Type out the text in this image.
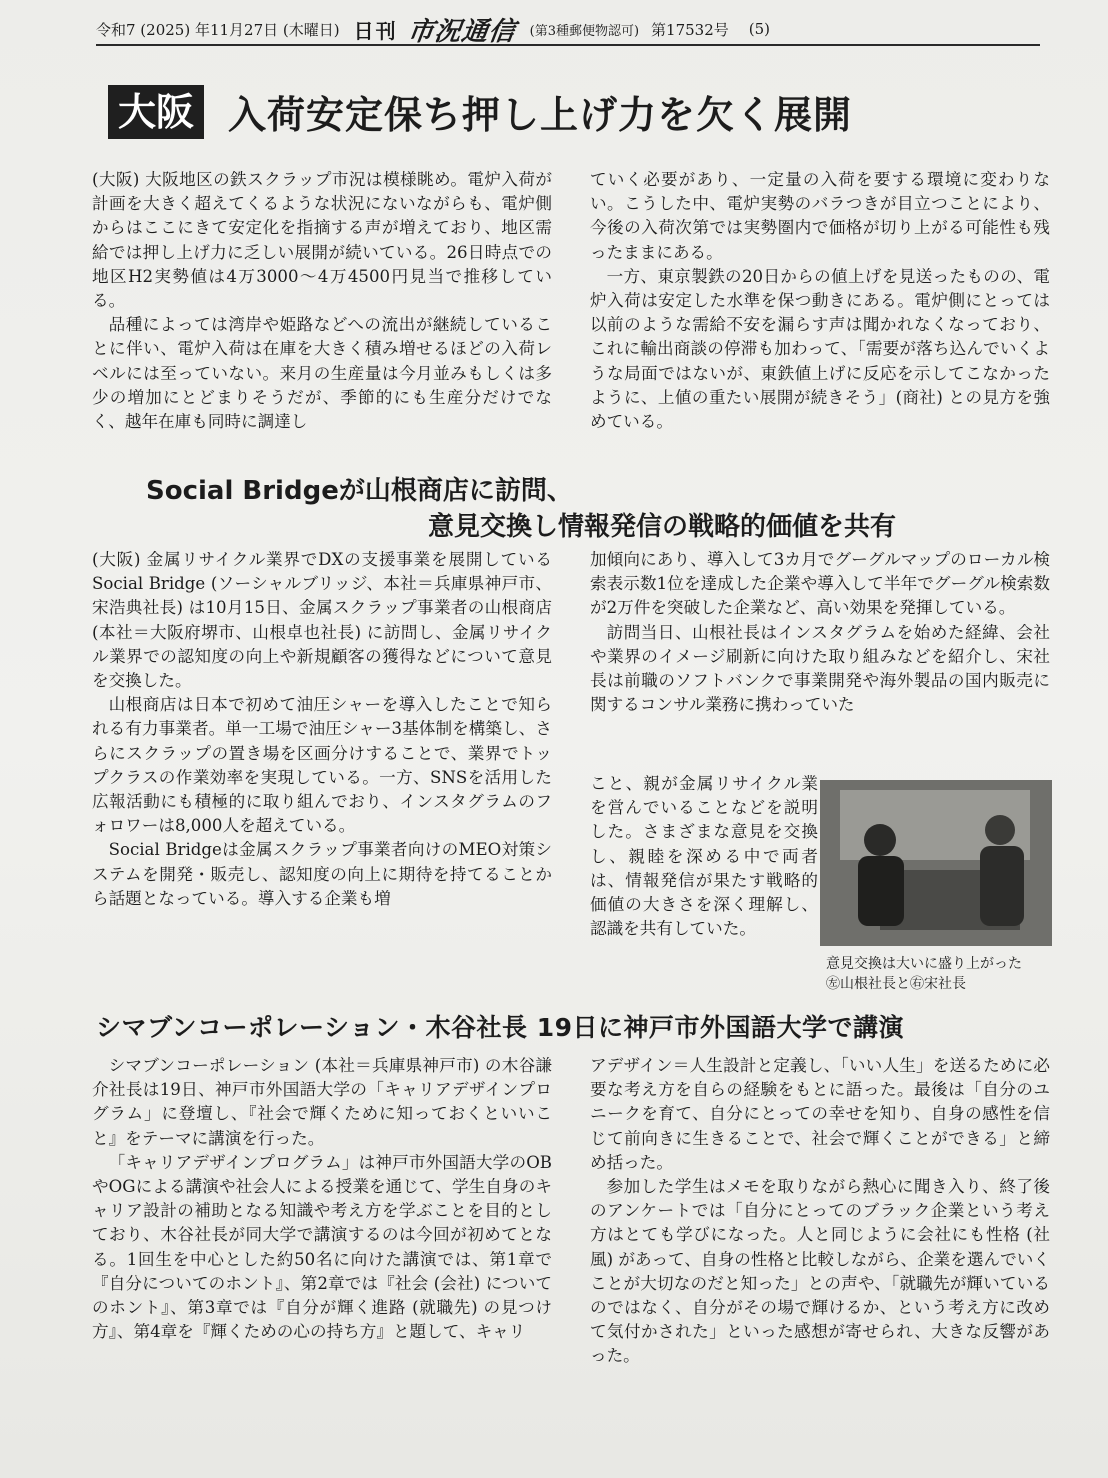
令和7 (2025) 年11月27日 (木曜日) 日刊 市況通信 (第3種郵便物認可) 第17532号 (5)
大阪 入荷安定保ち押し上げ力を欠く展開

(大阪) 大阪地区の鉄スクラップ市況は模様眺め。電炉入荷が計画を大きく超えてくるような状況にないながらも、電炉側からはここにきて安定化を指摘する声が増えており、地区需給では押し上げ力に乏しい展開が続いている。26日時点での地区H2実勢値は4万3000～4万4500円見当で推移している。

品種によっては湾岸や姫路などへの流出が継続していることに伴い、電炉入荷は在庫を大きく積み増せるほどの入荷レベルには至っていない。来月の生産量は今月並みもしくは多少の増加にとどまりそうだが、季節的にも生産分だけでなく、越年在庫も同時に調達し

ていく必要があり、一定量の入荷を要する環境に変わりない。こうした中、電炉実勢のバラつきが目立つことにより、今後の入荷次第では実勢圏内で価格が切り上がる可能性も残ったままにある。

一方、東京製鉄の20日からの値上げを見送ったものの、電炉入荷は安定した水準を保つ動きにある。電炉側にとっては以前のような需給不安を漏らす声は聞かれなくなっており、これに輸出商談の停滞も加わって、「需要が落ち込んでいくような局面ではないが、東鉄値上げに反応を示してこなかったように、上値の重たい展開が続きそう」(商社) との見方を強めている。

Social Bridgeが山根商店に訪問、
意見交換し情報発信の戦略的価値を共有

(大阪) 金属リサイクル業界でDXの支援事業を展開しているSocial Bridge (ソーシャルブリッジ、本社＝兵庫県神戸市、宋浩典社長) は10月15日、金属スクラップ事業者の山根商店 (本社＝大阪府堺市、山根卓也社長) に訪問し、金属リサイクル業界での認知度の向上や新規顧客の獲得などについて意見を交換した。

山根商店は日本で初めて油圧シャーを導入したことで知られる有力事業者。単一工場で油圧シャー3基体制を構築し、さらにスクラップの置き場を区画分けすることで、業界でトップクラスの作業効率を実現している。一方、SNSを活用した広報活動にも積極的に取り組んでおり、インスタグラムのフォロワーは8,000人を超えている。

Social Bridgeは金属スクラップ事業者向けのMEO対策システムを開発・販売し、認知度の向上に期待を持てることから話題となっている。導入する企業も増

加傾向にあり、導入して3カ月でグーグルマップのローカル検索表示数1位を達成した企業や導入して半年でグーグル検索数が2万件を突破した企業など、高い効果を発揮している。

訪問当日、山根社長はインスタグラムを始めた経緯、会社や業界のイメージ刷新に向けた取り組みなどを紹介し、宋社長は前職のソフトバンクで事業開発や海外製品の国内販売に関するコンサル業務に携わっていた

こと、親が金属リサイクル業を営んでいることなどを説明した。さまざまな意見を交換し、親睦を深める中で両者は、情報発信が果たす戦略的価値の大きさを深く理解し、認識を共有していた。

意見交換は大いに盛り上がった
㊧山根社長と㊨宋社長
シマブンコーポレーション・木谷社長 19日に神戸市外国語大学で講演

シマブンコーポレーション (本社＝兵庫県神戸市) の木谷謙介社長は19日、神戸市外国語大学の「キャリアデザインプログラム」に登壇し、『社会で輝くために知っておくといいこと』をテーマに講演を行った。

「キャリアデザインプログラム」は神戸市外国語大学のOBやOGによる講演や社会人による授業を通じて、学生自身のキャリア設計の補助となる知識や考え方を学ぶことを目的としており、木谷社長が同大学で講演するのは今回が初めてとなる。1回生を中心とした約50名に向けた講演では、第1章で『自分についてのホント』、第2章では『社会 (会社) についてのホント』、第3章では『自分が輝く進路 (就職先) の見つけ方』、第4章を『輝くための心の持ち方』と題して、キャリ

アデザイン＝人生設計と定義し、「いい人生」を送るために必要な考え方を自らの経験をもとに語った。最後は「自分のユニークを育て、自分にとっての幸せを知り、自身の感性を信じて前向きに生きることで、社会で輝くことができる」と締め括った。

参加した学生はメモを取りながら熱心に聞き入り、終了後のアンケートでは「自分にとってのブラック企業という考え方はとても学びになった。人と同じように会社にも性格 (社風) があって、自身の性格と比較しながら、企業を選んでいくことが大切なのだと知った」との声や、「就職先が輝いているのではなく、自分がその場で輝けるか、という考え方に改めて気付かされた」といった感想が寄せられ、大きな反響があった。
